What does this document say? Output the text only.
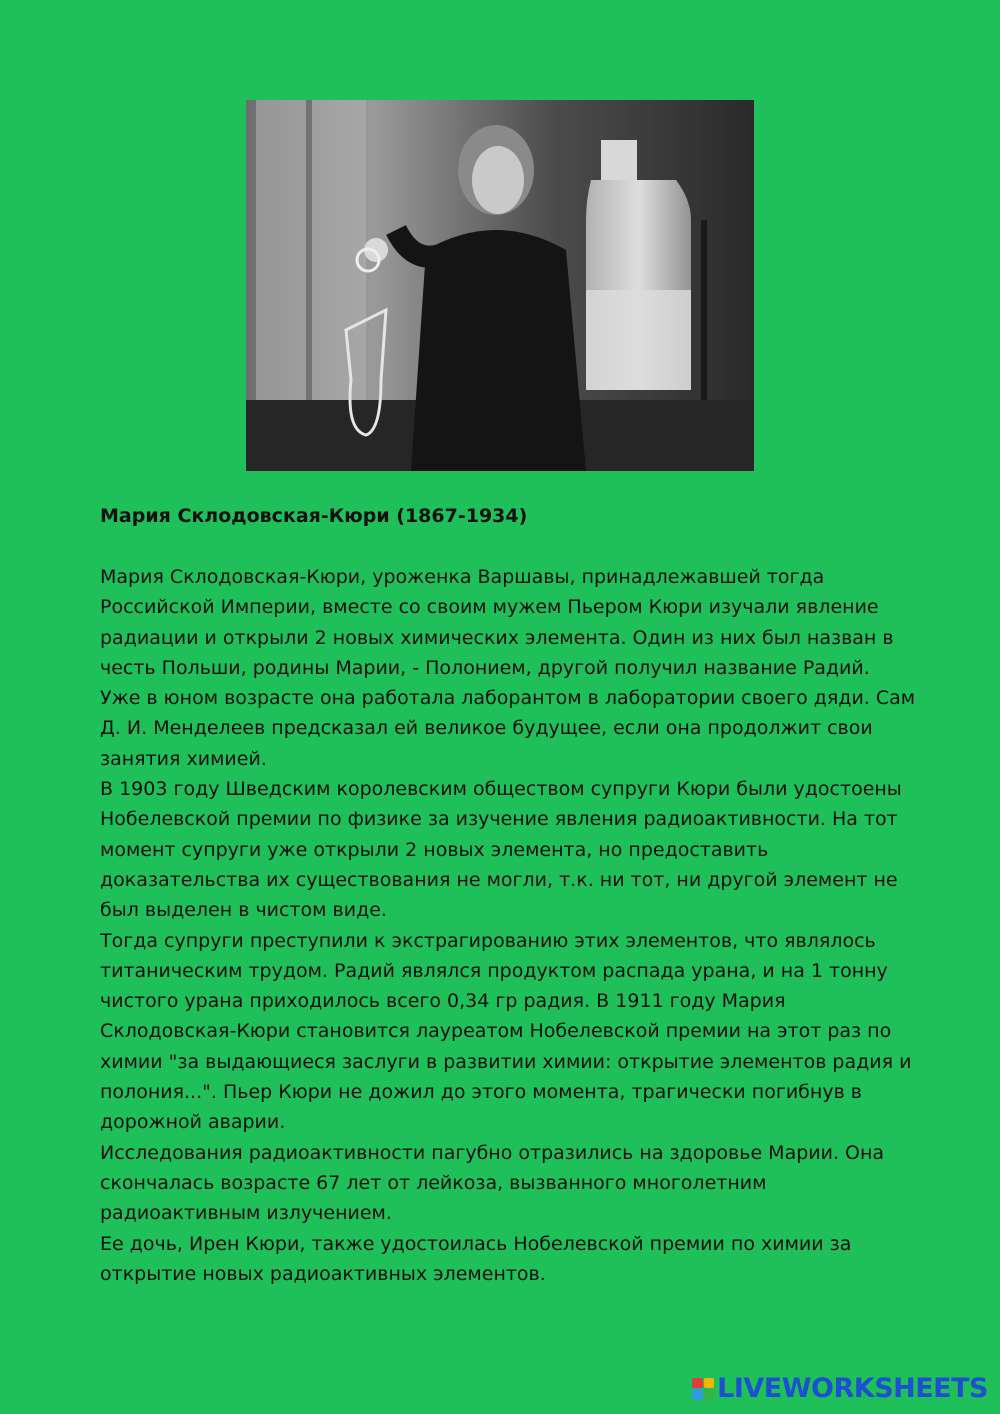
Мария Склодовская-Кюри (1867-1934)

Мария Склодовская-Кюри, уроженка Варшавы, принадлежавшей тогда Российской Империи, вместе со своим мужем Пьером Кюри изучали явление радиации и открыли 2 новых химических элемента. Один из них был назван в честь Польши, родины Марии, - Полонием, другой получил название Радий.

Уже в юном возрасте она работала лаборантом в лаборатории своего дяди. Сам Д. И. Менделеев предсказал ей великое будущее, если она продолжит свои занятия химией.

В 1903 году Шведским королевским обществом супруги Кюри были удостоены Нобелевской премии по физике за изучение явления радиоактивности. На тот момент супруги уже открыли 2 новых элемента, но предоставить доказательства их существования не могли, т.к. ни тот, ни другой элемент не был выделен в чистом виде.

Тогда супруги преступили к экстрагированию этих элементов, что являлось титаническим трудом. Радий являлся продуктом распада урана, и на 1 тонну чистого урана приходилось всего 0,34 гр радия. В 1911 году Мария Склодовская-Кюри становится лауреатом Нобелевской премии на этот раз по химии "за выдающиеся заслуги в развитии химии: открытие элементов радия и полония...". Пьер Кюри не дожил до этого момента, трагически погибнув в дорожной аварии.

Исследования радиоактивности пагубно отразились на здоровье Марии. Она скончалась возрасте 67 лет от лейкоза, вызванного многолетним радиоактивным излучением.

Ее дочь, Ирен Кюри, также удостоилась Нобелевской премии по химии за открытие новых радиоактивных элементов.

LIVEWORKSHEETS
